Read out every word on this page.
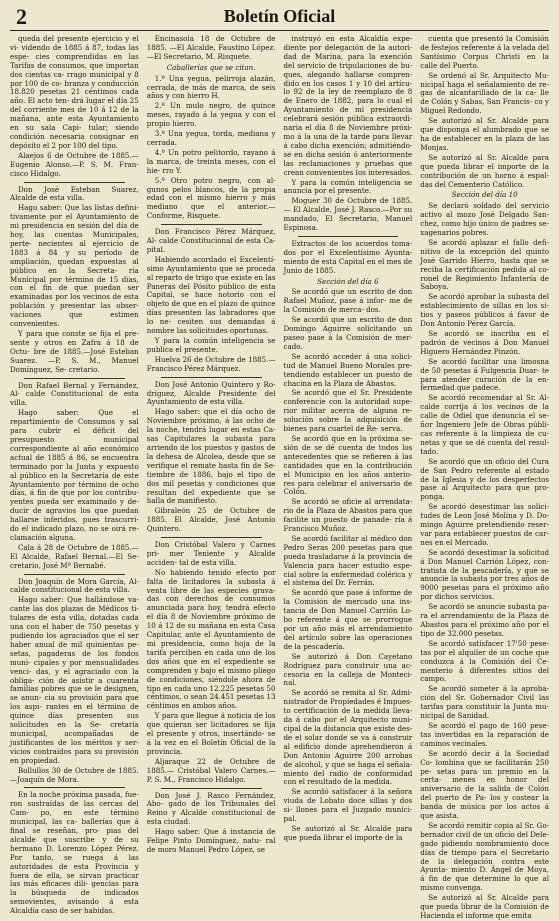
2	Boletín Oficial

queda del presente ejercicio y el vi- videndo de 1885 á 87, todas las espe- cies comprendidas en las Tarifas de consumos, que importan dos cientas ca- rrago municipal y 8 por 100 de co- branza y conducción 18.820 pesetas 21 céntimos cada año. El acto ten- drá lugar el día 25 del corriente mes de 10 á 12 de la mañana, ante esta Ayuntamiento en su sala Capi- tular; siendo condición necesaria consignar en depósito el 2 por 100 del tipo.

Alaejos 6 de Octubre de 1885.— Eugenio Alonso.—P. S. M. Fran- cisco Hidalgo.

Don José Esteban Suarez, Alcalde de esta villa.

Hago saber: Que las listas defini- tivamente por el Ayuntamiento de mi presidencia en sesión del día de hoy, las cuentas Municipales, perte- necientes al ejercicio de 1883 á 84 y su período de ampliación, quedan expuestas al público en la Secreta- ría Municipal por término de 15 días, con el fin de que puedan ser examinadas por los vecinos de esta población y presentar las obser- vaciones que estimen convenientes.

Y para que conste se fija el pre- sente y otros en Zafra á 18 de Octu- bre de 1885.—José Esteban Suarez. —P. S. M., Manuel Domínguez, Se- cretario.

Don Rafael Bernal y Fernández, Al- calde Constitucional de esta villa.

Hago saber: Que el repartimiento de Consumos y sal para cubrir el déficit del presupuesto municipal correspondiente al año económico actual de 1885 á 86, se encuentra terminado por la Junta y expuesto al público en la Secretaría de este Ayuntamiento por término de ocho días, á fin de que por los contribu- yentes pueda ser examinado y de- ducir de agravios los que puedan hallarse inferidos, pues trascurri- do el indicado plazo, no se oirá re- clamación alguna.

Cala á 28 de Octubre de 1885.— El Alcalde, Rafael Bernal.—El Se- cretario, José Mª Bernabé.

Don Joaquín de Mora García, Al- calde constitucional de esta villa.

Hago saber: Que hallándose va- cante las dos plazas de Médicos ti- tulares de esta villa, dotadas cada una con el haber de 750 pesetas y pudiendo los agraciados que el ser haber anual de mil quinientas pe- setas, pagaderas de los fondos muni- cipales y por mensualidades venci- das, y el agraciado con la obliga- ción de asistir a cuarenta familias pobres que se le designen, se anun- cia su provisión para que los aspi- rantes en el término de quince días presenten sus solicitudes en la Se- cretaría municipal, acompañadas de justificantes de los méritos y ser- vicios contraídos para su provisión en propiedad.

Bollullos 30 de Octubre de 1885. —Joaquín de Mora.

En la noche próxima pasada, fue- ron sustraídas de las cercas del Cam- po, en este término municipal, las ca- ballerías que á final se reseñan, pro- pias del alcalde que suscribe y de su hermano D. Lorenzo López Pérez. Por tanto, se ruega á las autoridades de esta Provincia y fuera de ella, se sirvan practicar las más eficaces dili- gencias para la búsqueda de indicados semovientes, avisando á esta Alcaldía caso de ser habidas.

Encinasola 18 de Octubre de 1885. —El Alcalde, Faustino López.—El Secretario, M. Risquete.

Caballerías que se citan.

1.º Una yegua, pelirroja alazán, cerrada, de más de marca, de seis años y con hierro H.

2.º Un mulo negro, de quince meses, rayado á la yegua y con el propio hierro.

3.º Una yegua, torda, mediana y cerrada.

4.º Un potro pelitordo, rayano á la marca, de treinta meses, con el hie- rro Y.

5.º Otro potro negro, con al- gunos pelos blancos, de la propia edad con el mismo hierro y más mediano que el anterior.—Conforme, Risquete.

Don Francisco Pérez Márquez, Al- calde Constitucional de esta Ca- pital.

Habiendo acordado el Excelentí- simo Ayuntamiento que se proceda al reparto de trigo que existe en las Paneras del Pósito público de esta Capital, se hace notorio con el objeto de que en el plazo de quince días presenten las labradores que lo ne- cesiten sus demandas á nombre las solicitudes oportunas.

Y para la común inteligencia se publica el presente.

Huelva 26 de Octubre de 1885.— Francisco Pérez Márquez.

Don José Antonio Quintero y Ro- dríguez, Alcalde Presidente del Ayuntamiento de esta villa.

Hago saber: que el día ocho de Noviembre próximo, á las ocho de la noche, tendrá lugar en estas Ca- sas Capitulares la subasta para arriendo de los puestos y gastos de la dehesa de Alcolea, desde que se verifique el remate hasta fin de Se- tiembre de 1886, bajo el tipo de dos mil pesetas y condiciones que resultan del expediente que se halla de manifiesto.

Gibraleón 25 de Octubre de 1885. El Alcalde, José Antonio Quintero.

Don Cristóbal Valero y Carnes pri- mer Teniente y Alcalde acciden- tal de esta villa.

No habiendo tenido efecto por falta de licitadores la subasta á venta libre de las especies grava- das con derechos de consumos anunciada para hoy, tendrá efecto el día 8 de Noviembre próximo de 10 á 12 de su mañana en esta Casa Capitular, ante el Ayuntamiento de mi presidencia, como hoja de la tarifa perciben en cada uno de los dos años que en el expediente se comprenden y bajo el mismo pliego de condiciones, siéndole ahora de tipo en cada uno 12.225 pesetas 50 céntimos, o sean 24.451 pesetas 13 céntimos en ambos años.

Y para que llegue á noticia de los que quieran ser licitadores se fija el presente y otros, insertándo- se á la vez en el Boletín Oficial de la provincia.

Aljaraque 22 de Octubre de 1885.— Cristóbal Valero Carnes.—P. S. M., Francisco Hidalgo.

Don José J. Rasco Fernández, Abo- gado de los Tribunales del Reino y Alcalde constitucional de esta ciudad.

Hago saber: Que á instancia de Felipe Pinto Domínguez, natu- ral de moro Manuel Pedro López, se

instruyó en esta Alcaldía expe- diente por delegación de la autori- dad de Marina, para la exención del servicio de tripulaciones de bu- ques, alegando hallarse compren- dido en los casos 1 y 10 del artícu- lo 92 de la ley de reemplazo de 8 de Enero de 1882, para lo cual el Ayuntamiento de mi presidencia celebrará sesión pública extraordi- naria el día 8 de Noviembre próxi- mo á la una de la tarde para llevar á cabo dicha exención; admitiéndo- se en dicha sesión ó anteriormente las reclamaciones y pruebas que crean convenientes los interesados.

Y para la común inteligencia se anuncia por el presente.

Moguer 30 de Octubre de 1885.— El Alcalde, José J. Rasco.—Por su mandado, El Secretario, Manuel Espinosa.

Extractos de los acuerdos toma- dos por el Excelentísimo Ayunta- miento de esta Capital en el mes de Junio de 1885.

Sección del día 6

Se acordó que un escrito de don Rafael Muñoz, pase á infor- me de la Comisión de merca- dos.

Se acordó que un escrito de don Domingo Aguirre solicitando un paseo pase á la Comisión de mer- cado.

Se acordó acceder á una solici- tud de Manuel Bueno Morales pre- tendiendo establecer un puesto de chacina en la Plaza de Abastos.

Se acordó que el Sr. Presidente conferencie con la autoridad supe- rior militar acerca de alguna re- solución sobre la adquisición de bienes para cuartel de Re- serva.

Se acordó que en la próxima se- sión de se dé cuenta de todos los antecedentes que se refieren á las cantidades que en la contribución el Municipio en los años anterio- res para celebrar el aniversario de Colón.

Se acordó se oficie al arrendata- rio de la Plaza de Abastos para que facilite un puesto de panade- ría á Francisco Muñoz.

Se acordó facilitar al médico don Pedro Seras 200 pesetas para que pueda trasladarse á la provincia de Valencia para hacer estudio espe- cial sobre la enfermedad colérica y el sistema del Dr. Ferrán.

Se acordó que pase á informe de la Comisión de mercado una ins- tancia de Don Manuel Carrión Lo- bo referente á que se prorrogue por un año más el arrendamiento del artículo sobre las operaciones de la pescadería.

Se autorizó á Don Cayetano Rodríguez para construir una ac- cesoria en la calleja de Monteci- nal.

Se acordó se remita al Sr. Admi- nistrador de Propiedades é Impues- to certificación de la medida lleva- da á cabo por el Arquitecto muni- cipal de la distancia que existe des- de el solar donde se va á construir al edificio donde aprehendieron á Don Antonio Aguirre 200 arrobas de alcohol, y que se haga el señala- miento del radio de conformidad con el resultado de la medida.

Se acordó satisfacer á la señora viuda de Lobato doce sillas y dos si- llones para el Juzgado munici- pal.

Se autorizó al Sr. Alcalde para que pueda librar el importe de la

cuenta que presentó la Comisión de festejos referente á la velada del Santísimo Corpus Christi en la calle del Puerto.

Se ordenó al Sr. Arquitecto Mu- nicipal haga el señalamiento de re- gas de alcantarillado de la ca- lle de Colón y Sabas, San Francis- co y Miguel Redondo.

Se autorizó al Sr. Alcalde para que disponga el alumbrado que se ha de establecer en la plaza de las Monjas.

Se autorizó al Sr. Alcalde para que pueda librar el importe de la contribución de un horno á espal- das del Cementerio Católico.

Sección del día 10

Se declaró soldado del servicio activo al mozo José Delgado San- chez, como hijo único de padres se- xagenarios pobres.

Se acordó aplazar el fallo defi- nitivo de la excepción del quinto José Garrido Hierro, hasta que se reciba la certificación pedida al co- ronel de Regimiento Infantería de Saboya.

Se acordó aprobar la subasta del establecimiento de sillas en los si- tios y paseos públicos á favor de Don Antonio Pérez García.

Se acordó se inscriba en el padrón de vecinos á Don Manuel Higuero Hernández Pinzón.

Se acordó facilitar una limosna de 50 pesetas á Fulgencia Duar- te para atender curación de la en- fermedad que padece.

Se acordó recomendar al Sr. Al- calde corrija á los vecinos de la calle de Odiel que denuncia el se- ñor Ingeniero Jefe de Obras públi- cas referente á la limpieza de cu- netas y que se dé cuenta del resul- tado.

Se acordó que un oficio del Cura de San Pedro referente al estado de la Iglesia y de los desperfectos pase al Arquitecto para que pro- ponga.

Se acordó desestimar las solici- tudes de Leon José Molina y D. Do- mingo Aguirre pretendiendo reser- var para establecer puestos de car- nes en el Mercado.

Se acordó desestimar la solicitud á Don Manuel Carrión López, con- tratista de la pescadería, y que se anuncie la subasta por tres años de 9000 pesetas para el próximo año por dichos servicios.

Se acordó se anuncie subasta pa- ra el arrendamiento de la Plaza de Abastos para el próximo año por el tipo de 32.000 pesetas.

Se acordó satisfacer 17'50 pese- tas por el alquiler de un coche que conduzca á la Comisión del Ce- menterio á diferentes sitios del campo.

Se acordó someter á la aproba- ción del Sr. Gobernador Civil las tarifas para constituir la Junta mu- nicipal de Sanidad.

Se acordó el pago de 160 pese- tas invertidas en la reparación de caminos vecinales.

Se acordó decir á la Sociedad Co- lombina que se facilitarán 250 pe- setas para un premio en la certa- menes en honor del aniversario de la salida de Colón del puerto de Pa- los y costear la banda de música por los actos á que asista.

Se acordó remitir copia al Sr. Go- bernador civil de un oficio del Dele- gado pidiendo nombramiento doce días de tiempo para el Secretario de la delegación contra este Ayunta- miento D. Ángel de Moya, á fin de que determine lo que al mismo convenga.

Se autorizó al Sr. Alcalde para que pueda librar de la Comisión de Hacienda el informe que emita
